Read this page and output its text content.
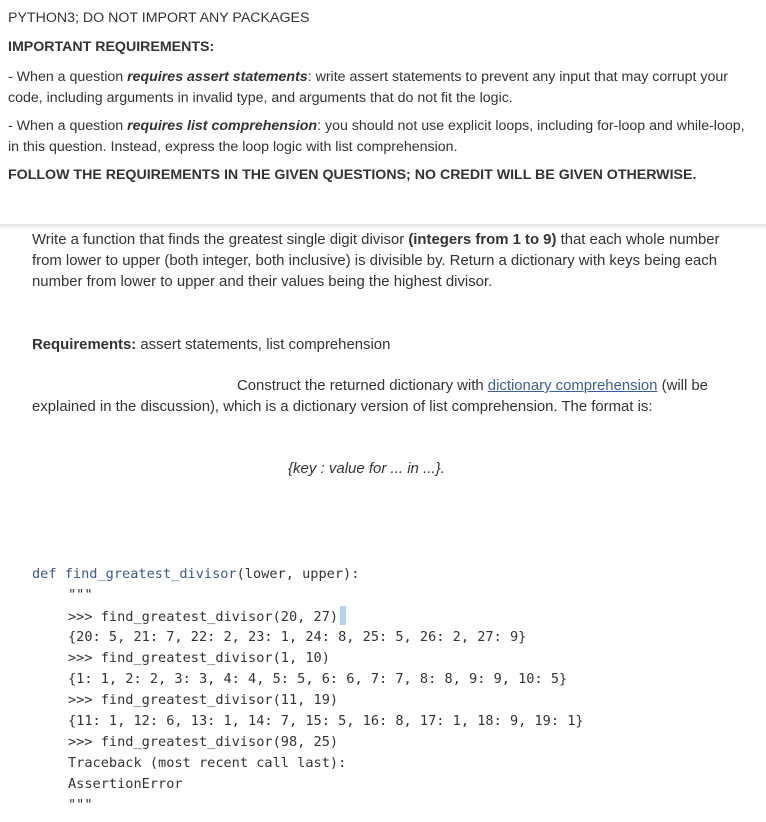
PYTHON3; DO NOT IMPORT ANY PACKAGES
IMPORTANT REQUIREMENTS:
- When a question requires assert statements: write assert statements to prevent any input that may corrupt your code, including arguments in invalid type, and arguments that do not fit the logic.
- When a question requires list comprehension: you should not use explicit loops, including for-loop and while-loop, in this question. Instead, express the loop logic with list comprehension.
FOLLOW THE REQUIREMENTS IN THE GIVEN QUESTIONS; NO CREDIT WILL BE GIVEN OTHERWISE.
Write a function that finds the greatest single digit divisor (integers from 1 to 9) that each whole number from lower to upper (both integer, both inclusive) is divisible by. Return a dictionary with keys being each number from lower to upper and their values being the highest divisor.
Requirements: assert statements, list comprehension
Construct the returned dictionary with dictionary comprehension (will be explained in the discussion), which is a dictionary version of list comprehension. The format is:
{key : value for ... in ...}.
def find_greatest_divisor(lower, upper):
"""
>>> find_greatest_divisor(20, 27)
{20: 5, 21: 7, 22: 2, 23: 1, 24: 8, 25: 5, 26: 2, 27: 9}
>>> find_greatest_divisor(1, 10)
{1: 1, 2: 2, 3: 3, 4: 4, 5: 5, 6: 6, 7: 7, 8: 8, 9: 9, 10: 5}
>>> find_greatest_divisor(11, 19)
{11: 1, 12: 6, 13: 1, 14: 7, 15: 5, 16: 8, 17: 1, 18: 9, 19: 1}
>>> find_greatest_divisor(98, 25)
Traceback (most recent call last):
AssertionError
"""
